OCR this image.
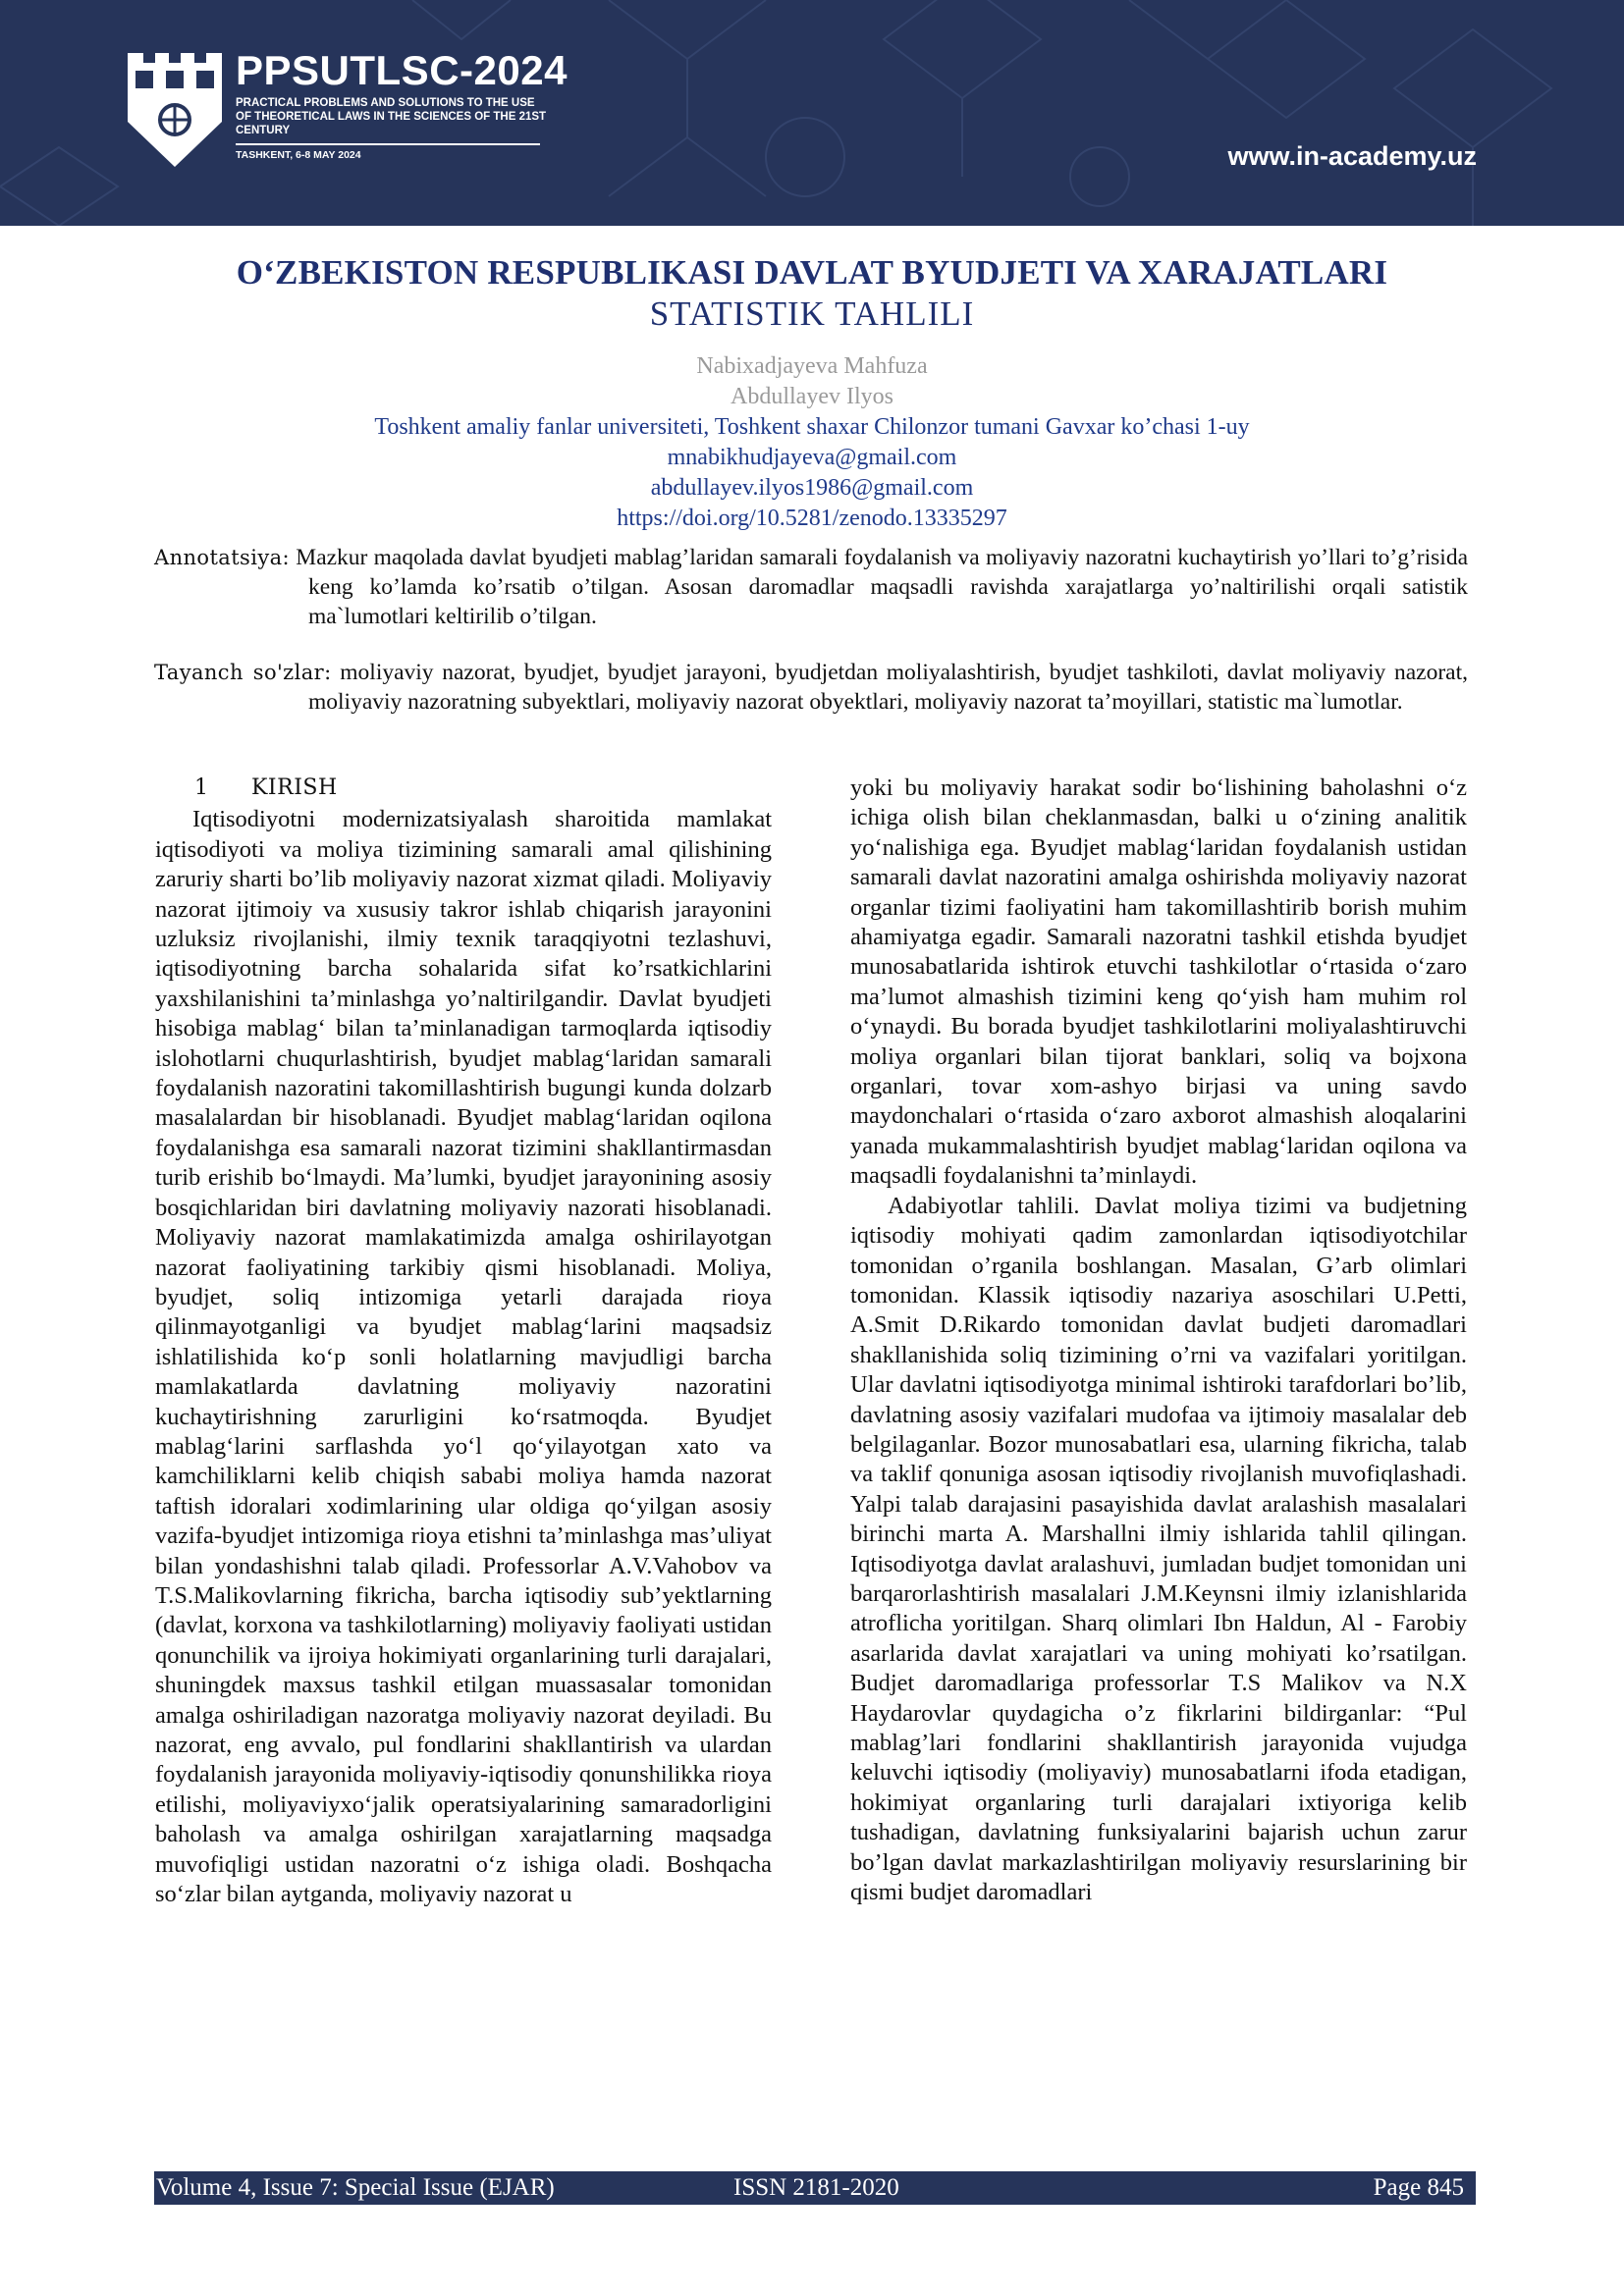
PPSUTLSC-2024
PRACTICAL PROBLEMS AND SOLUTIONS TO THE USE OF THEORETICAL LAWS IN THE SCIENCES OF THE 21ST CENTURY
TASHKENT, 6-8 MAY 2024	www.in-academy.uz
O‘ZBEKISTON RESPUBLIKASI DAVLAT BYUDJETI VA XARAJATLARI
STATISTIK TAHLILI
Nabixadjayeva Mahfuza
Abdullayev Ilyos
Toshkent amaliy fanlar universiteti, Toshkent shaxar Chilonzor tumani Gavxar ko’chasi 1-uy
mnabikhudjayeva@gmail.com
abdullayev.ilyos1986@gmail.com
https://doi.org/10.5281/zenodo.13335297
Annotatsiya: Mazkur maqolada davlat byudjeti mablag’laridan samarali foydalanish va moliyaviy nazoratni kuchaytirish yo’llari to’g’risida keng ko’lamda ko’rsatib o’tilgan. Asosan daromadlar maqsadli ravishda xarajatlarga yo’naltirilishi orqali satistik ma`lumotlari keltirilib o’tilgan.
Tayanch so'zlar: moliyaviy nazorat, byudjet, byudjet jarayoni, byudjetdan moliyalashtirish, byudjet tashkiloti, davlat moliyaviy nazorat, moliyaviy nazoratning subyektlari, moliyaviy nazorat obyektlari, moliyaviy nazorat ta’moyillari, statistic ma`lumotlar.
1 KIRISH

Iqtisodiyotni modernizatsiyalash sharoitida mamlakat iqtisodiyoti va moliya tizimining samarali amal qilishining zaruriy sharti bo’lib moliyaviy nazorat xizmat qiladi. Moliyaviy nazorat ijtimoiy va xususiy takror ishlab chiqarish jarayonini uzluksiz rivojlanishi, ilmiy texnik taraqqiyotni tezlashuvi, iqtisodiyotning barcha sohalarida sifat ko’rsatkichlarini yaxshilanishini ta’minlashga yo’naltirilgandir. Davlat byudjeti hisobiga mablag‘ bilan ta’minlanadigan tarmoqlarda iqtisodiy islohotlarni chuqurlashtirish, byudjet mablag‘laridan samarali foydalanish nazoratini takomillashtirish bugungi kunda dolzarb masalalardan bir hisoblanadi. Byudjet mablag‘laridan oqilona foydalanishga esa samarali nazorat tizimini shakllantirmasdan turib erishib bo‘lmaydi. Ma’lumki, byudjet jarayonining asosiy bosqichlaridan biri davlatning moliyaviy nazorati hisoblanadi. Moliyaviy nazorat mamlakatimizda amalga oshirilayotgan nazorat faoliyatining tarkibiy qismi hisoblanadi. Moliya, byudjet, soliq intizomiga yetarli darajada rioya qilinmayotganligi va byudjet mablag‘larini maqsadsiz ishlatilishida ko‘p sonli holatlarning mavjudligi barcha mamlakatlarda davlatning moliyaviy nazoratini kuchaytirishning zarurligini ko‘rsatmoqda. Byudjet mablag‘larini sarflashda yo‘l qo‘yilayotgan xato va kamchiliklarni kelib chiqish sababi moliya hamda nazorat taftish idoralari xodimlarining ular oldiga qo‘yilgan asosiy vazifa-byudjet intizomiga rioya etishni ta’minlashga mas’uliyat bilan yondashishni talab qiladi. Professorlar A.V.Vahobov va T.S.Malikovlarning fikricha, barcha iqtisodiy sub’yektlarning (davlat, korxona va tashkilotlarning) moliyaviy faoliyati ustidan qonunchilik va ijroiya hokimiyati organlarining turli darajalari, shuningdek maxsus tashkil etilgan muassasalar tomonidan amalga oshiriladigan nazoratga moliyaviy nazorat deyiladi. Bu nazorat, eng avvalo, pul fondlarini shakllantirish va ulardan foydalanish jarayonida moliyaviy-iqtisodiy qonunshilikka rioya etilishi, moliyaviyxo‘jalik operatsiyalarining samaradorligini baholash va amalga oshirilgan xarajatlarning maqsadga muvofiqligi ustidan nazoratni o‘z ishiga oladi. Boshqacha so‘zlar bilan aytganda, moliyaviy nazorat u

yoki bu moliyaviy harakat sodir bo‘lishining baholashni o‘z ichiga olish bilan cheklanmasdan, balki u o‘zining analitik yo‘nalishiga ega. Byudjet mablag‘laridan foydalanish ustidan samarali davlat nazoratini amalga oshirishda moliyaviy nazorat organlar tizimi faoliyatini ham takomillashtirib borish muhim ahamiyatga egadir. Samarali nazoratni tashkil etishda byudjet munosabatlarida ishtirok etuvchi tashkilotlar o‘rtasida o‘zaro ma’lumot almashish tizimini keng qo‘yish ham muhim rol o‘ynaydi. Bu borada byudjet tashkilotlarini moliyalashtiruvchi moliya organlari bilan tijorat banklari, soliq va bojxona organlari, tovar xom-ashyo birjasi va uning savdo maydonchalari o‘rtasida o‘zaro axborot almashish aloqalarini yanada mukammalashtirish byudjet mablag‘laridan oqilona va maqsadli foydalanishni ta’minlaydi.

Adabiyotlar tahlili. Davlat moliya tizimi va budjetning iqtisodiy mohiyati qadim zamonlardan iqtisodiyotchilar tomonidan o’rganila boshlangan. Masalan, G’arb olimlari tomonidan. Klassik iqtisodiy nazariya asoschilari U.Petti, A.Smit D.Rikardo tomonidan davlat budjeti daromadlari shakllanishida soliq tizimining o’rni va vazifalari yoritilgan. Ular davlatni iqtisodiyotga minimal ishtiroki tarafdorlari bo’lib, davlatning asosiy vazifalari mudofaa va ijtimoiy masalalar deb belgilaganlar. Bozor munosabatlari esa, ularning fikricha, talab va taklif qonuniga asosan iqtisodiy rivojlanish muvofiqlashadi. Yalpi talab darajasini pasayishida davlat aralashish masalalari birinchi marta A. Marshallni ilmiy ishlarida tahlil qilingan. Iqtisodiyotga davlat aralashuvi, jumladan budjet tomonidan uni barqarorlashtirish masalalari J.M.Keynsni ilmiy izlanishlarida atroflicha yoritilgan. Sharq olimlari Ibn Haldun, Al - Farobiy asarlarida davlat xarajatlari va uning mohiyati ko’rsatilgan. Budjet daromadlariga professorlar T.S Malikov va N.X Haydarovlar quydagicha o’z fikrlarini bildirganlar: “Pul mablag’lari fondlarini shakllantirish jarayonida vujudga keluvchi iqtisodiy (moliyaviy) munosabatlarni ifoda etadigan, hokimiyat organlaring turli darajalari ixtiyoriga kelib tushadigan, davlatning funksiyalarini bajarish uchun zarur bo’lgan davlat markazlashtirilgan moliyaviy resurslarining bir qismi budjet daromadlari

Volume 4, Issue 7: Special Issue (EJAR)	ISSN 2181-2020	Page 845
